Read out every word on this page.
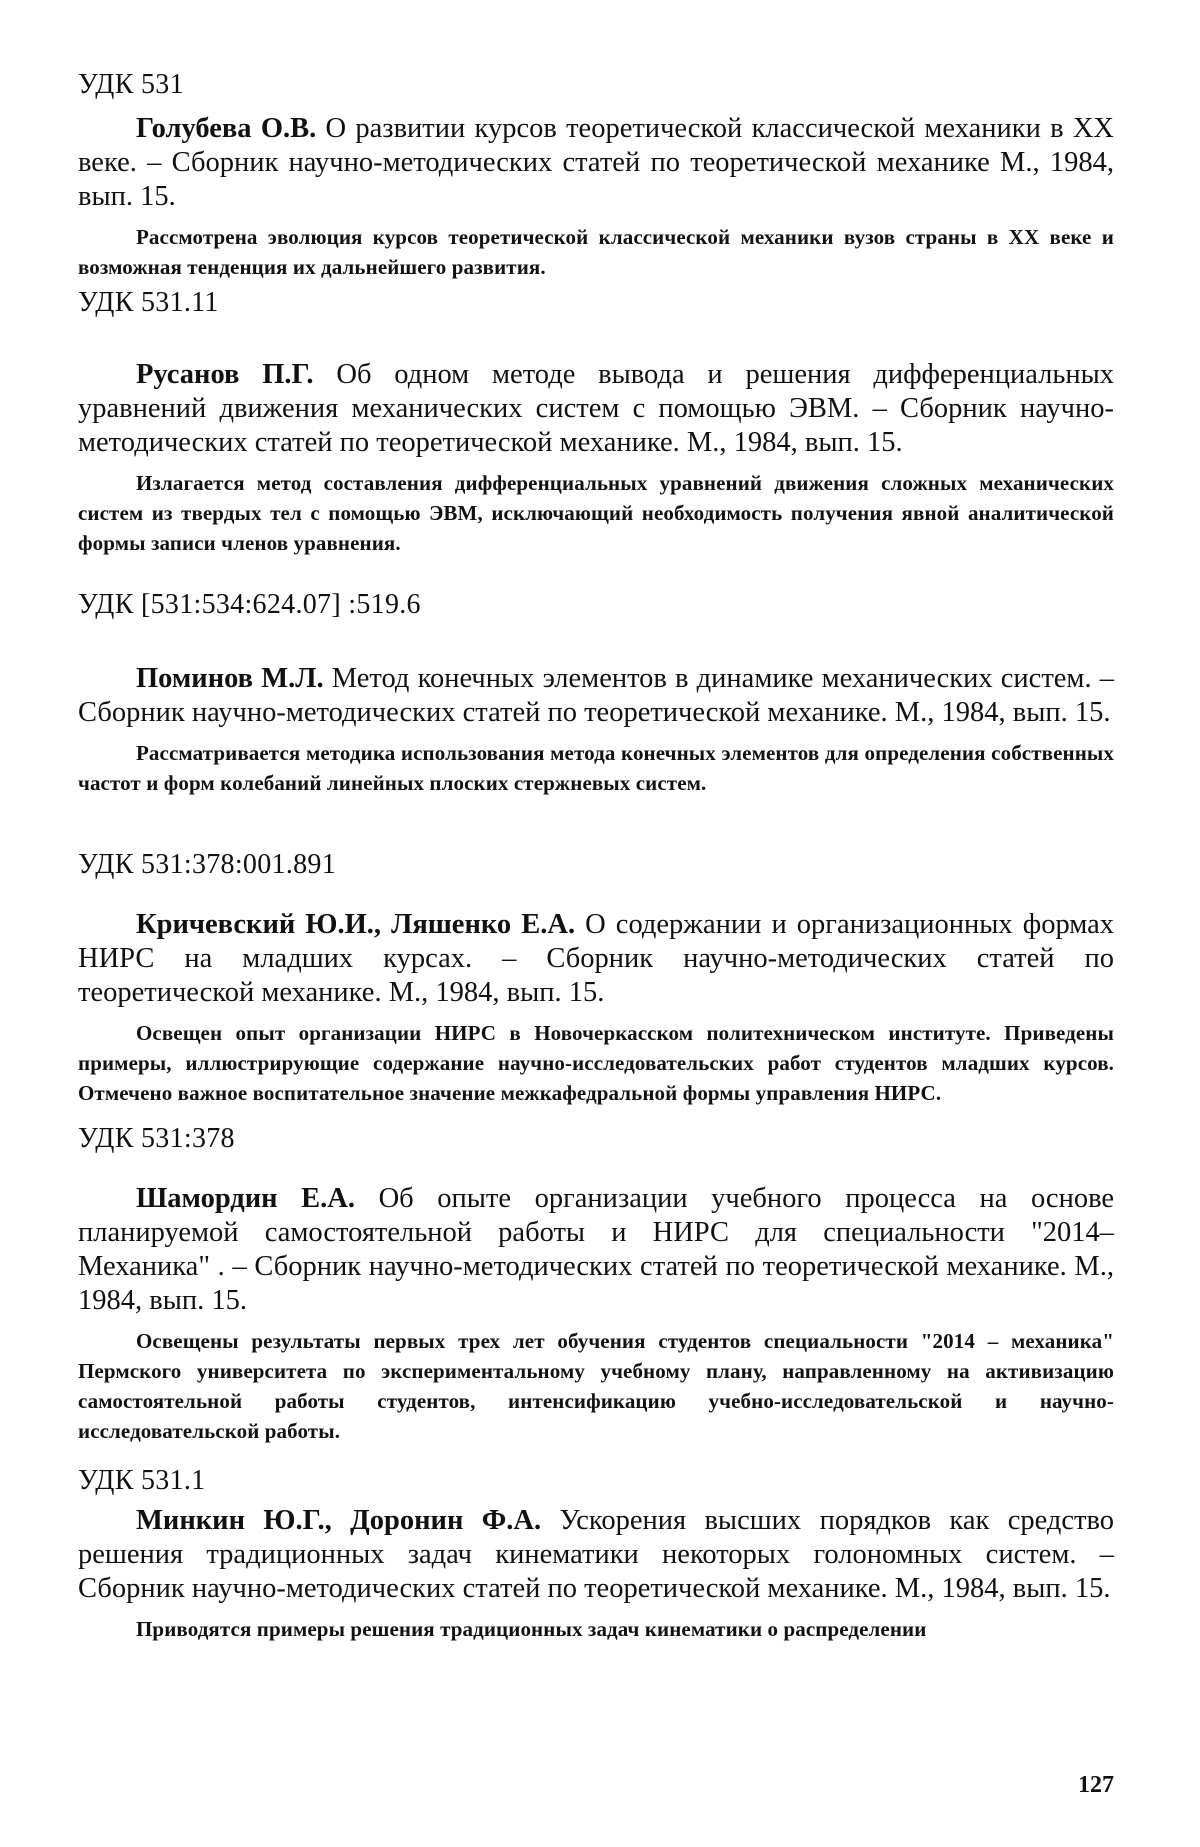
УДК 531

Голубева О.В. О развитии курсов теоретической классической механики в XX веке. – Сборник научно-методических статей по теоретической механике М., 1984, вып. 15.

Рассмотрена эволюция курсов теоретической классической механики вузов страны в XX веке и возможная тенденция их дальнейшего развития.

УДК 531.11

Русанов П.Г. Об одном методе вывода и решения дифференциальных уравнений движения механических систем с помощью ЭВМ. – Сборник научно-методических статей по теоретической механике. М., 1984, вып. 15.

Излагается метод составления дифференциальных уравнений движения сложных механических систем из твердых тел с помощью ЭВМ, исключающий необходимость получения явной аналитической формы записи членов уравнения.

УДК [531:534:624.07] :519.6

Поминов М.Л. Метод конечных элементов в динамике механических систем. – Сборник научно-методических статей по теоретической механике. М., 1984, вып. 15.

Рассматривается методика использования метода конечных элементов для определения собственных частот и форм колебаний линейных плоских стержневых систем.

УДК 531:378:001.891

Кричевский Ю.И., Ляшенко Е.А. О содержании и организационных формах НИРС на младших курсах. – Сборник научно-методических статей по теоретической механике. М., 1984, вып. 15.

Освещен опыт организации НИРС в Новочеркасском политехническом институте. Приведены примеры, иллюстрирующие содержание научно-исследовательских работ студентов младших курсов. Отмечено важное воспитательное значение межкафедральной формы управления НИРС.

УДК 531:378

Шамордин Е.А. Об опыте организации учебного процесса на основе планируемой самостоятельной работы и НИРС для специальности "2014– Механика" . – Сборник научно-методических статей по теоретической механике. М., 1984, вып. 15.

Освещены результаты первых трех лет обучения студентов специальности "2014 – механика" Пермского университета по экспериментальному учебному плану, направленному на активизацию самостоятельной работы студентов, интенсификацию учебно-исследовательской и научно-исследовательской работы.

УДК 531.1

Минкин Ю.Г., Доронин Ф.А. Ускорения высших порядков как средство решения традиционных задач кинематики некоторых голономных систем. – Сборник научно-методических статей по теоретической механике. М., 1984, вып. 15.

Приводятся примеры решения традиционных задач кинематики о распределении

127
